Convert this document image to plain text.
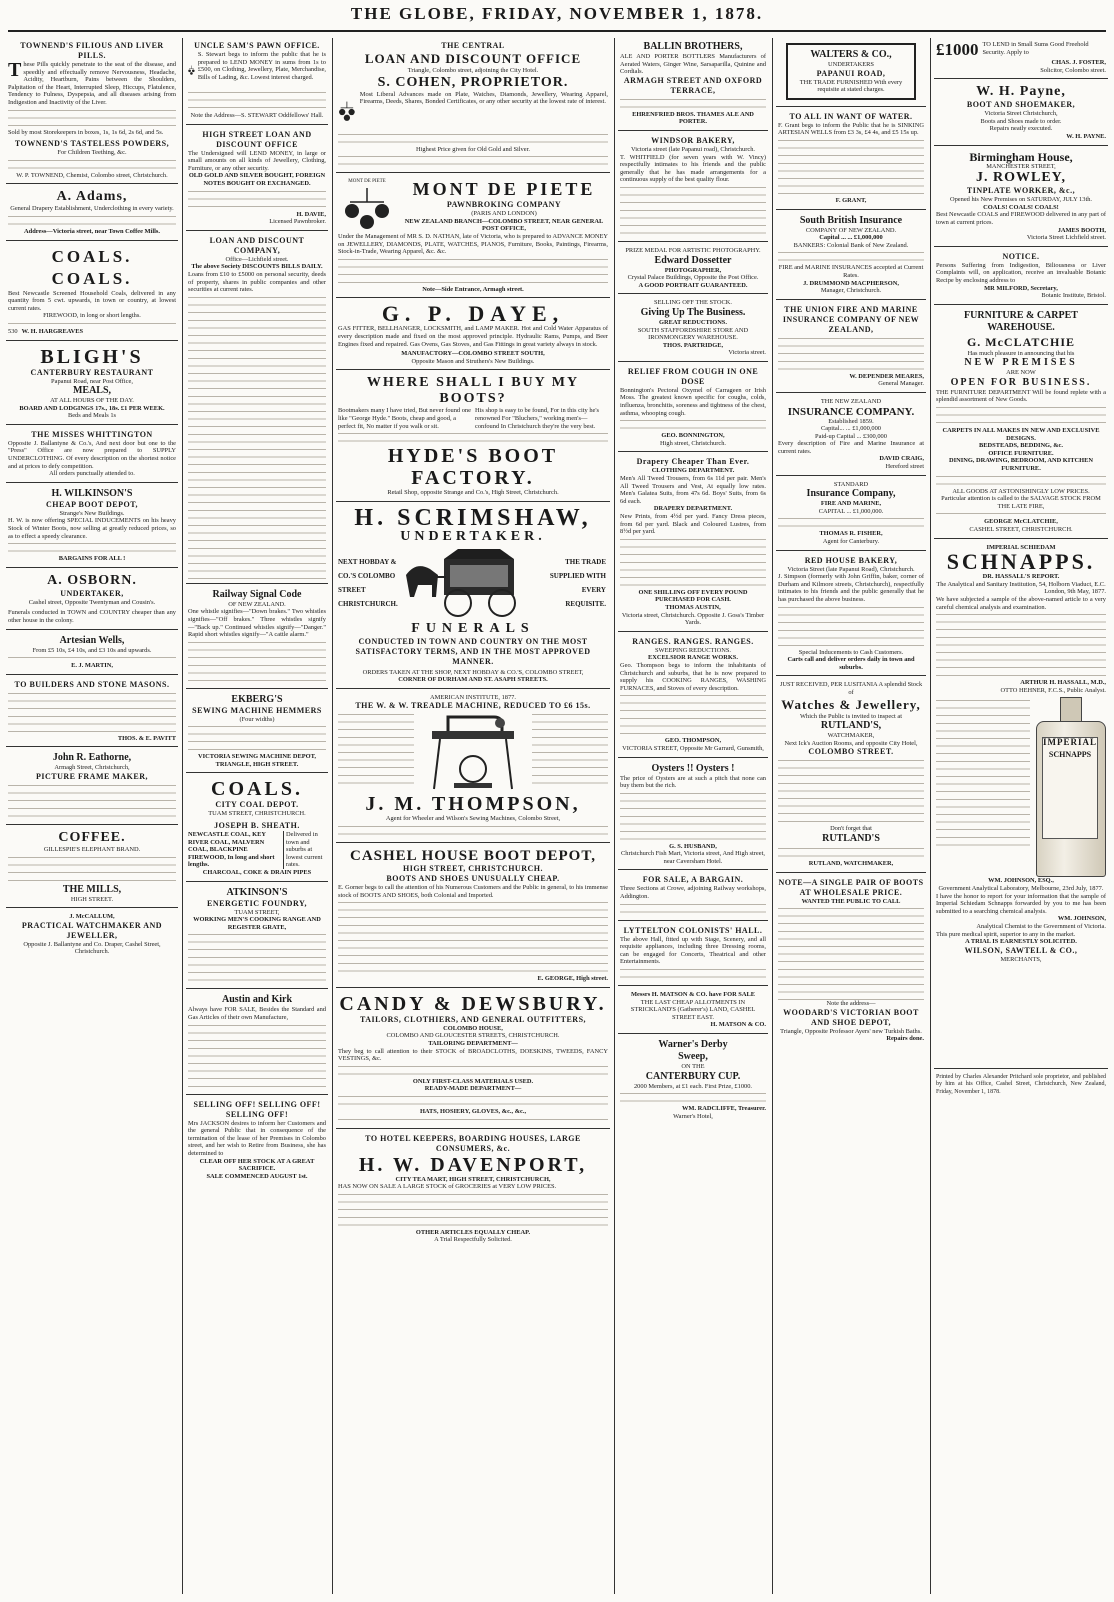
THE GLOBE, FRIDAY, NOVEMBER 1, 1878.
TOWNEND'S FILIOUS AND LIVER PILLS.
These Pills quickly penetrate to the seat of the disease, and speedily and effectually remove Nervousness, Headache, Acidity, Heartburn, Pains between the Shoulders, Palpitation of the Heart, Interrupted Sleep, Hiccups, Flatulence, Tendency to Fulness, Dyspepsia, and all diseases arising from Indigestion and Inactivity of the Liver.
Sold by most Storekeepers in boxes, 1s, 1s 6d, 2s 6d, and 5s.
TOWNEND'S TASTELESS POWDERS,
For Children Teething, &c.
W. P. TOWNEND, Chemist, Colombo street, Christchurch.
A. Adams,
General Drapery Establishment, Underclothing in every variety.
Address—Victoria street, near Town Coffee Mills.
COALS. COALS.
Best Newcastle Screened Household Coals, delivered in any quantity from 5 cwt. upwards, in town or country, at lowest current rates.
FIREWOOD, in long or short lengths.
530 W. H. HARGREAVES
BLIGH'S
CANTERBURY RESTAURANT
Papanui Road, near Post Office,
MEALS,
AT ALL HOURS OF THE DAY.
BOARD AND LODGINGS 17s., 18s. £1 PER WEEK.
Beds and Meals 1s
THE MISSES WHITTINGTON
Opposite J. Ballantyne & Co.'s, And next door but one to the "Press" Office are now prepared to SUPPLY UNDERCLOTHING. Of every description on the shortest notice and at prices to defy competition.
All orders punctually attended to.
H. WILKINSON'S
CHEAP BOOT DEPOT,
Strange's New Buildings.
H. W. is now offering SPECIAL INDUCEMENTS on his heavy Stock of Winter Boots, now selling at greatly reduced prices, so as to effect a speedy clearance.
BARGAINS FOR ALL !
A. OSBORN.
UNDERTAKER,
Cashel street, Opposite Twentyman and Cousin's.
Funerals conducted in TOWN and COUNTRY cheaper than any other house in the colony.
Artesian Wells,
From £5 10s, £4 10s, and £3 10s and upwards.
E. J. MARTIN,
TO BUILDERS AND STONE MASONS.
THOS. & E. PAVITT
John R. Eathorne,
Armagh Street, Christchurch,
PICTURE FRAME MAKER,
COFFEE.
GILLESPIE'S ELEPHANT BRAND.
THE MILLS,
HIGH STREET.
J. McCALLUM,
PRACTICAL WATCHMAKER AND JEWELLER,
Opposite J. Ballantyne and Co. Draper, Cashel Street, Christchurch.
UNCLE SAM'S PAWN OFFICE.
S. Stewart begs to inform the public that he is prepared to LEND MONEY in sums from 1s to £500, on Clothing, Jewellery, Plate, Merchandise, Bills of Lading, &c. Lowest interest charged.
Note the Address—S. STEWART Oddfellows' Hall.
HIGH STREET LOAN AND DISCOUNT OFFICE
The Undersigned will LEND MONEY, in large or small amounts on all kinds of Jewellery, Clothing, Furniture, or any other security.
OLD GOLD AND SILVER BOUGHT, FOREIGN NOTES BOUGHT OR EXCHANGED.
H. DAVIE,
Licensed Pawnbroker.
LOAN AND DISCOUNT COMPANY,
Office—Lichfield street.
The above Society DISCOUNTS BILLS DAILY.
Loans from £10 to £5000 on personal security, deeds of property, shares in public companies and other securities at current rates.
Railway Signal Code
OF NEW ZEALAND.
One whistle signifies—"Down brakes." Two whistles signifies—"Off brakes." Three whistles signify—"Back up." Continued whistles signify—"Danger." Rapid short whistles signify—"A cattle alarm."
EKBERG'S
SEWING MACHINE HEMMERS
(Four widths)
VICTORIA SEWING MACHINE DEPOT, TRIANGLE, HIGH STREET.
COALS.
CITY COAL DEPOT.
TUAM STREET, CHRISTCHURCH.
JOSEPH B. SHEATH.
NEWCASTLE COAL, KEY RIVER COAL, MALVERN COAL, BLACKPINE FIREWOOD, In long and short lengths.
Delivered in town and suburbs at lowest current rates.
CHARCOAL, COKE & DRAIN PIPES
ATKINSON'S
ENERGETIC FOUNDRY,
TUAM STREET,
WORKING MEN'S COOKING RANGE AND REGISTER GRATE,
Austin and Kirk
Always have FOR SALE, Besides the Standard and Gas Articles of their own Manufacture,
SELLING OFF! SELLING OFF! SELLING OFF!
Mrs JACKSON desires to inform her Customers and the general Public that in consequence of the termination of the lease of her Premises in Colombo street, and her wish to Retire from Business, she has determined to
CLEAR OFF HER STOCK AT A GREAT SACRIFICE.
SALE COMMENCED AUGUST 1st.
THE CENTRAL
LOAN AND DISCOUNT OFFICE
Triangle, Colombo street, adjoining the City Hotel.
S. COHEN, PROPRIETOR.
Most Liberal Advances made on Plate, Watches, Diamonds, Jewellery, Wearing Apparel, Firearms, Deeds, Shares, Bonded Certificates, or any other security at the lowest rate of interest.
Highest Price given for Old Gold and Silver.
MONT DE PIETE	MONT DE PIETE
PAWNBROKING COMPANY
(PARIS AND LONDON)
NEW ZEALAND BRANCH—COLOMBO STREET, NEAR GENERAL POST OFFICE,
Under the Management of MR S. D. NATHAN, late of Victoria, who is prepared to ADVANCE MONEY on JEWELLERY, DIAMONDS, PLATE, WATCHES, PIANOS, Furniture, Books, Paintings, Firearms, Stock-in-Trade, Wearing Apparel, &c. &c.
Note—Side Entrance, Armagh street.
G. P. DAYE,
GAS FITTER, BELLHANGER, LOCKSMITH, and LAMP MAKER. Hot and Cold Water Apparatus of every description made and fixed on the most approved principle. Hydraulic Rams, Pumps, and Beer Engines fixed and repaired. Gas Ovens, Gas Stoves, and Gas Fittings in great variety always in stock.
MANUFACTORY—COLOMBO STREET SOUTH,
Opposite Mason and Struthers's New Buildings.
WHERE SHALL I BUY MY BOOTS?
Bootmakers many I have tried, But never found one like "George Hyde." Boots, cheap and good, a perfect fit, No matter if you walk or sit.
His shop is easy to be found, For in this city he's renowned For "Bluchers," working men's—confound In Christchurch they're the very best.
HYDE'S BOOT FACTORY.
Retail Shop, opposite Strange and Co.'s, High Street, Christchurch.
H. SCRIMSHAW,
UNDERTAKER.
NEXT HOBDAY & CO.'S COLOMBO STREET CHRISTCHURCH.
THE TRADE SUPPLIED WITH EVERY REQUISITE.
FUNERALS
CONDUCTED IN TOWN AND COUNTRY ON THE MOST SATISFACTORY TERMS, AND IN THE MOST APPROVED MANNER.
ORDERS TAKEN AT THE SHOP, NEXT HOBDAY & CO.'S, COLOMBO STREET,
CORNER OF DURHAM AND ST. ASAPH STREETS.
AMERICAN INSTITUTE, 1877.
THE W. & W. TREADLE MACHINE, REDUCED TO £6 15s.
J. M. THOMPSON,
Agent for Wheeler and Wilson's Sewing Machines, Colombo Street,
CASHEL HOUSE BOOT DEPOT,
HIGH STREET, CHRISTCHURCH.
BOOTS AND SHOES UNUSUALLY CHEAP.
E. Gorner begs to call the attention of his Numerous Customers and the Public in general, to his immense stock of BOOTS AND SHOES, both Colonial and Imported.
E. GEORGE, High street.
CANDY & DEWSBURY.
TAILORS, CLOTHIERS, AND GENERAL OUTFITTERS,
COLOMBO HOUSE,
COLOMBO AND GLOUCESTER STREETS, CHRISTCHURCH.
TAILORING DEPARTMENT—
They beg to call attention to their STOCK of BROADCLOTHS, DOESKINS, TWEEDS, FANCY VESTINGS, &c.
ONLY FIRST-CLASS MATERIALS USED.
READY-MADE DEPARTMENT—
HATS, HOSIERY, GLOVES, &c., &c.,
TO HOTEL KEEPERS, BOARDING HOUSES, LARGE CONSUMERS, &c.
H. W. DAVENPORT,
CITY TEA MART, HIGH STREET, CHRISTCHURCH,
HAS NOW ON SALE A LARGE STOCK of GROCERIES at VERY LOW PRICES.
OTHER ARTICLES EQUALLY CHEAP.
A Trial Respectfully Solicited.
BALLIN BROTHERS,
ALE AND PORTER BOTTLERS Manufacturers of Aerated Waters, Ginger Wine, Sarsaparilla, Quinine and Cordials.
ARMAGH STREET AND OXFORD TERRACE,
EHRENFRIED BROS. THAMES ALE AND PORTER.
WINDSOR BAKERY,
Victoria street (late Papanui road), Christchurch.
T. WHITFIELD (for seven years with W. Vincy) respectfully intimates to his friends and the public generally that he has made arrangements for a continuous supply of the best quality flour.
PRIZE MEDAL FOR ARTISTIC PHOTOGRAPHY.
Edward Dossetter
PHOTOGRAPHER,
Crystal Palace Buildings, Opposite the Post Office.
A GOOD PORTRAIT GUARANTEED.
SELLING OFF THE STOCK.
Giving Up The Business.
GREAT REDUCTIONS.
SOUTH STAFFORDSHIRE STORE AND IRONMONGERY WAREHOUSE.
THOS. PARTRIDGE,
Victoria street.
RELIEF FROM COUGH IN ONE DOSE
Bonnington's Pectoral Oxymel of Carrageen or Irish Moss. The greatest known specific for coughs, colds, influenza, bronchitis, soreness and tightness of the chest, asthma, whooping cough.
GEO. BONNINGTON,
High street, Christchurch.
Drapery Cheaper Than Ever.
CLOTHING DEPARTMENT.
Men's All Tweed Trousers, from 6s 11d per pair. Men's All Tweed Trousers and Vest, At equally low rates. Men's Galatea Suits, from 47s 6d. Boys' Suits, from 6s 6d each.
DRAPERY DEPARTMENT.
New Prints, from 4½d per yard. Fancy Dress pieces, from 6d per yard. Black and Coloured Lustres, from 8½d per yard.
ONE SHILLING OFF EVERY POUND PURCHASED FOR CASH.
THOMAS AUSTIN,
Victoria street, Christchurch. Opposite J. Goss's Timber Yards.
RANGES. RANGES. RANGES.
SWEEPING REDUCTIONS.
EXCELSIOR RANGE WORKS.
Geo. Thompson begs to inform the inhabitants of Christchurch and suburbs, that he is now prepared to supply his COOKING RANGES, WASHING FURNACES, and Stoves of every description.
GEO. THOMPSON,
VICTORIA STREET, Opposite Mr Garrard, Gunsmith,
Oysters !! Oysters !
The price of Oysters are at such a pitch that none can buy them but the rich.
G. S. HUSBAND,
Christchurch Fish Mart, Victoria street, And High street, near Caversham Hotel.
FOR SALE, A BARGAIN.
Three Sections at Crowe, adjoining Railway workshops, Addington.
LYTTELTON COLONISTS' HALL.
The above Hall, fitted up with Stage, Scenery, and all requisite appliances, including three Dressing rooms, can be engaged for Concerts, Theatrical and other Entertainments.
Messrs H. MATSON & CO. have FOR SALE
THE LAST CHEAP ALLOTMENTS IN STRICKLAND'S (Gatherer's) LAND, CASHEL STREET EAST.
H. MATSON & CO.
Warner's Derby
Sweep,
ON THE
CANTERBURY CUP.
2000 Members, at £1 each. First Prize, £1000.
WM. RADCLIFFE, Treasurer.
Warner's Hotel,
WALTERS & CO.,
UNDERTAKERS
PAPANUI ROAD,
THE TRADE FURNISHED With every requisite at stated charges.
TO ALL IN WANT OF WATER.
F. Grant begs to inform the Public that he is SINKING ARTESIAN WELLS from £3 3s, £4 4s, and £5 15s up.
F. GRANT,
South British Insurance
COMPANY OF NEW ZEALAND.
Capital ... ... £1,000,000
BANKERS: Colonial Bank of New Zealand.
FIRE and MARINE INSURANCES accepted at Current Rates.
J. DRUMMOND MACPHERSON,
Manager, Christchurch.
THE UNION FIRE AND MARINE INSURANCE COMPANY OF NEW ZEALAND,
W. DEPENDER MEARES,
General Manager.
THE NEW ZEALAND
INSURANCE COMPANY.
Established 1859.
Capital... ... £1,000,000
Paid-up Capital ... £300,000
Every description of Fire and Marine Insurance at current rates.
DAVID CRAIG,
Hereford street
STANDARD
Insurance Company,
FIRE AND MARINE,
CAPITAL ... £1,000,000.
THOMAS R. FISHER,
Agent for Canterbury.
RED HOUSE BAKERY,
Victoria Street (late Papanui Road), Christchurch.
J. Simpson (formerly with John Griffin, baker, corner of Durham and Kilmore streets, Christchurch), respectfully intimates to his friends and the public generally that he has purchased the above business.
Special Inducements to Cash Customers.
Carts call and deliver orders daily in town and suburbs.
JUST RECEIVED, PER LUSITANIA A splendid Stock of
Watches & Jewellery,
Which the Public is invited to inspect at
RUTLAND'S,
WATCHMAKER,
Next Ick's Auction Rooms, and opposite City Hotel,
COLOMBO STREET.
Don't forget that
RUTLAND'S
RUTLAND, WATCHMAKER,
NOTE—A SINGLE PAIR OF BOOTS AT WHOLESALE PRICE.
WANTED THE PUBLIC TO CALL
Note the address—
WOODARD'S VICTORIAN BOOT AND SHOE DEPOT,
Triangle, Opposite Professor Ayers' new Turkish Baths.
Repairs done.
£1000 TO LEND in Small Sums Good Freehold Security. Apply to
CHAS. J. FOSTER,
Solicitor, Colombo street.
W. H. Payne,
BOOT AND SHOEMAKER,
Victoria Street Christchurch,
Boots and Shoes made to order.
Repairs neatly executed.
W. H. PAYNE.
Birmingham House,
MANCHESTER STREET,
J. ROWLEY,
TINPLATE WORKER, &c.,
Opened his New Premises on SATURDAY, JULY 13th.
COALS! COALS! COALS!
Best Newcastle COALS and FIREWOOD delivered in any part of town at current prices.
JAMES BOOTH,
Victoria Street Lichfield street.
NOTICE.
Persons Suffering from Indigestion, Biliousness or Liver Complaints will, on application, receive an invaluable Botanic Recipe by enclosing address to
MR MILFORD, Secretary,
Botanic Institute, Bristol.
FURNITURE & CARPET
WAREHOUSE.
G. McCLATCHIE
Has much pleasure in announcing that his
NEW PREMISES
ARE NOW
OPEN FOR BUSINESS.
THE FURNITURE DEPARTMENT Will be found replete with a splendid assortment of New Goods.
CARPETS IN ALL MAKES IN NEW AND EXCLUSIVE DESIGNS.
BEDSTEADS, BEDDING, &c.
OFFICE FURNITURE.
DINING, DRAWING, BEDROOM, AND KITCHEN FURNITURE.
ALL GOODS AT ASTONISHINGLY LOW PRICES.
Particular attention is called to the SALVAGE STOCK FROM THE LATE FIRE,
GEORGE McCLATCHIE,
CASHEL STREET, CHRISTCHURCH.
IMPERIAL SCHIEDAM
SCHNAPPS.
DR. HASSALL'S REPORT.
The Analytical and Sanitary Institution, 54, Holborn Viaduct, E.C.
London, 9th May, 1877.
We have subjected a sample of the above-named article to a very careful chemical analysis and examination.
ARTHUR H. HASSALL, M.D.,
OTTO HEHNER, F.C.S., Public Analyst.
IMPERIAL
SCHNAPPS
WM. JOHNSON, ESQ.,
Government Analytical Laboratory, Melbourne, 23rd July, 1877.
I have the honor to report for your information that the sample of Imperial Schiedam Schnapps forwarded by you to me has been submitted to a searching chemical analysis.
WM. JOHNSON,
Analytical Chemist to the Government of Victoria.
This pure medical spirit, superior to any in the market.
A TRIAL IS EARNESTLY SOLICITED.
WILSON, SAWTELL & CO.,
MERCHANTS,
Printed by Charles Alexander Pritchard sole proprietor, and published by him at his Office, Cashel Street, Christchurch, New Zealand, Friday, November 1, 1878.
